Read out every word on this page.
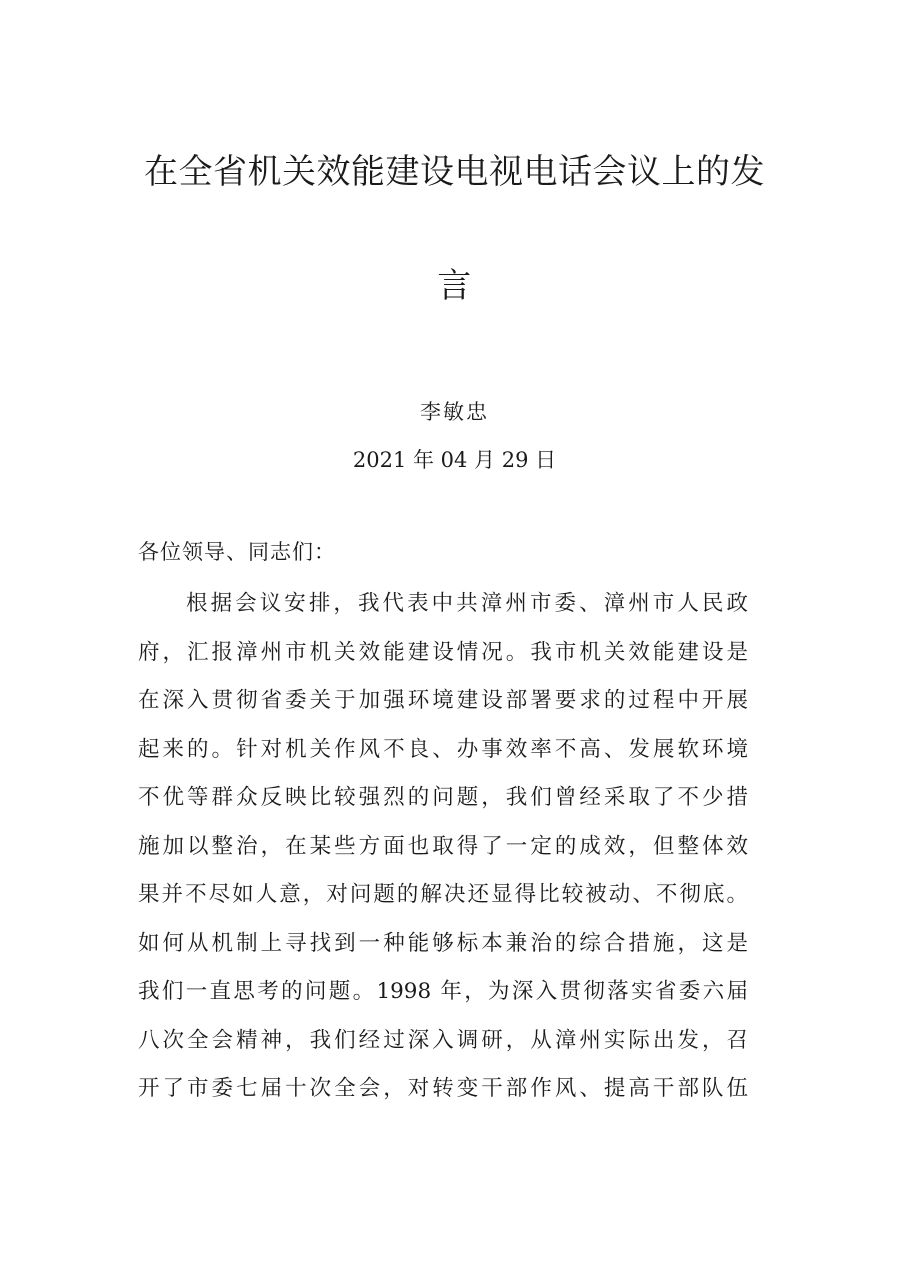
在全省机关效能建设电视电话会议上的发
言
李敏忠
2021 年 04 月 29 日
各位领导、同志们：
根据会议安排，我代表中共漳州市委、漳州市人民政
府，汇报漳州市机关效能建设情况。我市机关效能建设是
在深入贯彻省委关于加强环境建设部署要求的过程中开展
起来的。针对机关作风不良、办事效率不高、发展软环境
不优等群众反映比较强烈的问题，我们曾经采取了不少措
施加以整治，在某些方面也取得了一定的成效，但整体效
果并不尽如人意，对问题的解决还显得比较被动、不彻底。
如何从机制上寻找到一种能够标本兼治的综合措施，这是
我们一直思考的问题。1998 年，为深入贯彻落实省委六届
八次全会精神，我们经过深入调研，从漳州实际出发，召
开了市委七届十次全会，对转变干部作风、提高干部队伍
